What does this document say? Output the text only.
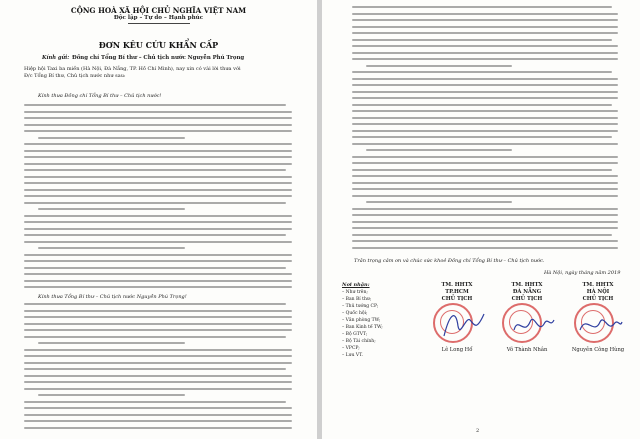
CỘNG HOÀ XÃ HỘI CHỦ NGHĨA VIỆT NAM
Độc lập – Tự do – Hạnh phúc
ĐƠN KÊU CỨU KHẨN CẤP
Kính gửi: Đồng chí Tổng Bí thư – Chủ tịch nước Nguyễn Phú Trọng
Hiệp hội Taxi ba miền (Hà Nội, Đà Nẵng, TP. Hồ Chí Minh), nay xin có vài lời thưa với
Đ/c Tổng Bí thư, Chủ tịch nước như sau:
Kính thưa Đồng chí Tổng Bí thư – Chủ tịch nước!
Kính thưa Tổng Bí thư – Chủ tịch nước Nguyễn Phú Trọng!
Trân trọng cảm ơn và chúc sức khoẻ Đồng chí Tổng Bí thư – Chủ tịch nước.
Hà Nội, ngày tháng năm 2019
Nơi nhận:
– Như trên;
– Ban Bí thư;
– Thủ tướng CP;
– Quốc hội;
– Văn phòng TW;
– Ban Kinh tế TW;
– Bộ GTVT;
– Bộ Tài chính;
– VPCP;
– Lưu VT.
TM. HHTX
TP.HCM
CHỦ TỊCH
Lê Long Hổ
TM. HHTX
ĐÀ NẴNG
CHỦ TỊCH
Võ Thành Nhân
TM. HHTX
HÀ NỘI
CHỦ TỊCH
Nguyễn Công Hùng
2
